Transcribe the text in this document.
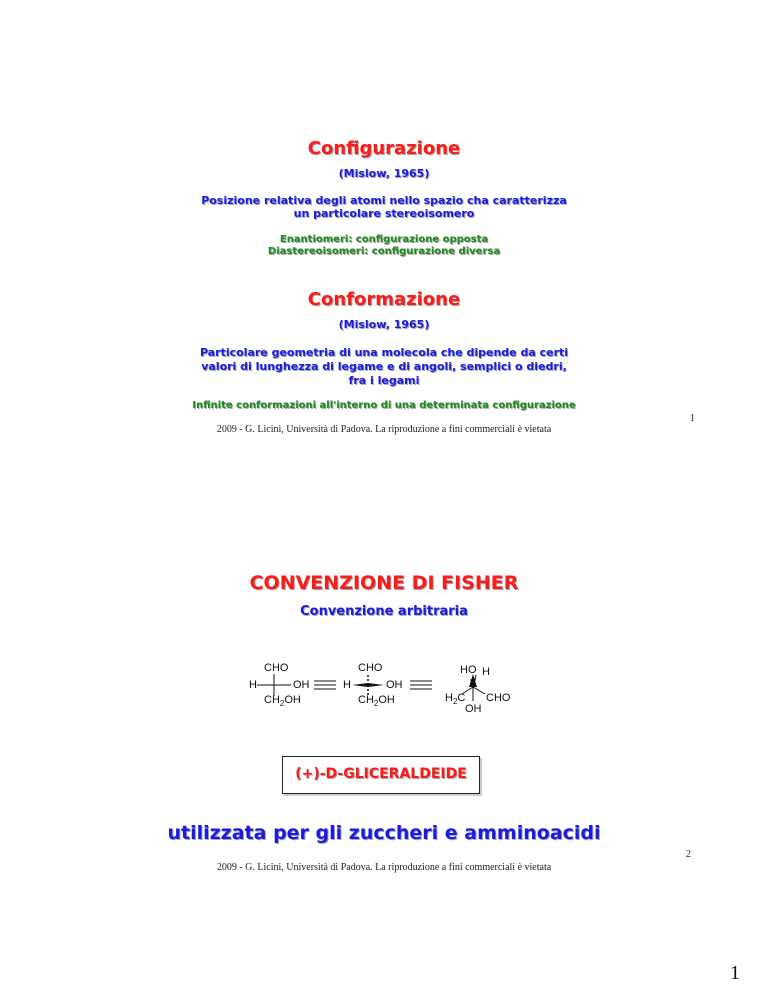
Configurazione
(Mislow, 1965)
Posizione relativa degli atomi nello spazio cha caratterizza
un particolare stereoisomero
Enantiomeri: configurazione opposta
Diastereoisomeri: configurazione diversa
Conformazione
(Mislow, 1965)
Particolare geometria di una molecola che dipende da certi
valori di lunghezza di legame e di angoli, semplici o diedri,
fra i legami
Infinite conformazioni all'interno di una determinata configurazione
1
2009 - G. Licini, Università di Padova. La riproduzione a fini commerciali è vietata
CONVENZIONE DI FISHER
Convenzione arbitraria
CHO
H	OH
$CH_2OH$
CHO
H	OH
$CH_2OH$
HO H
$H_2C$ CHO
OH
(+)-D-GLICERALDEIDE
utilizzata per gli zuccheri e amminoacidi
2
2009 - G. Licini, Università di Padova. La riproduzione a fini commerciali è vietata
1
